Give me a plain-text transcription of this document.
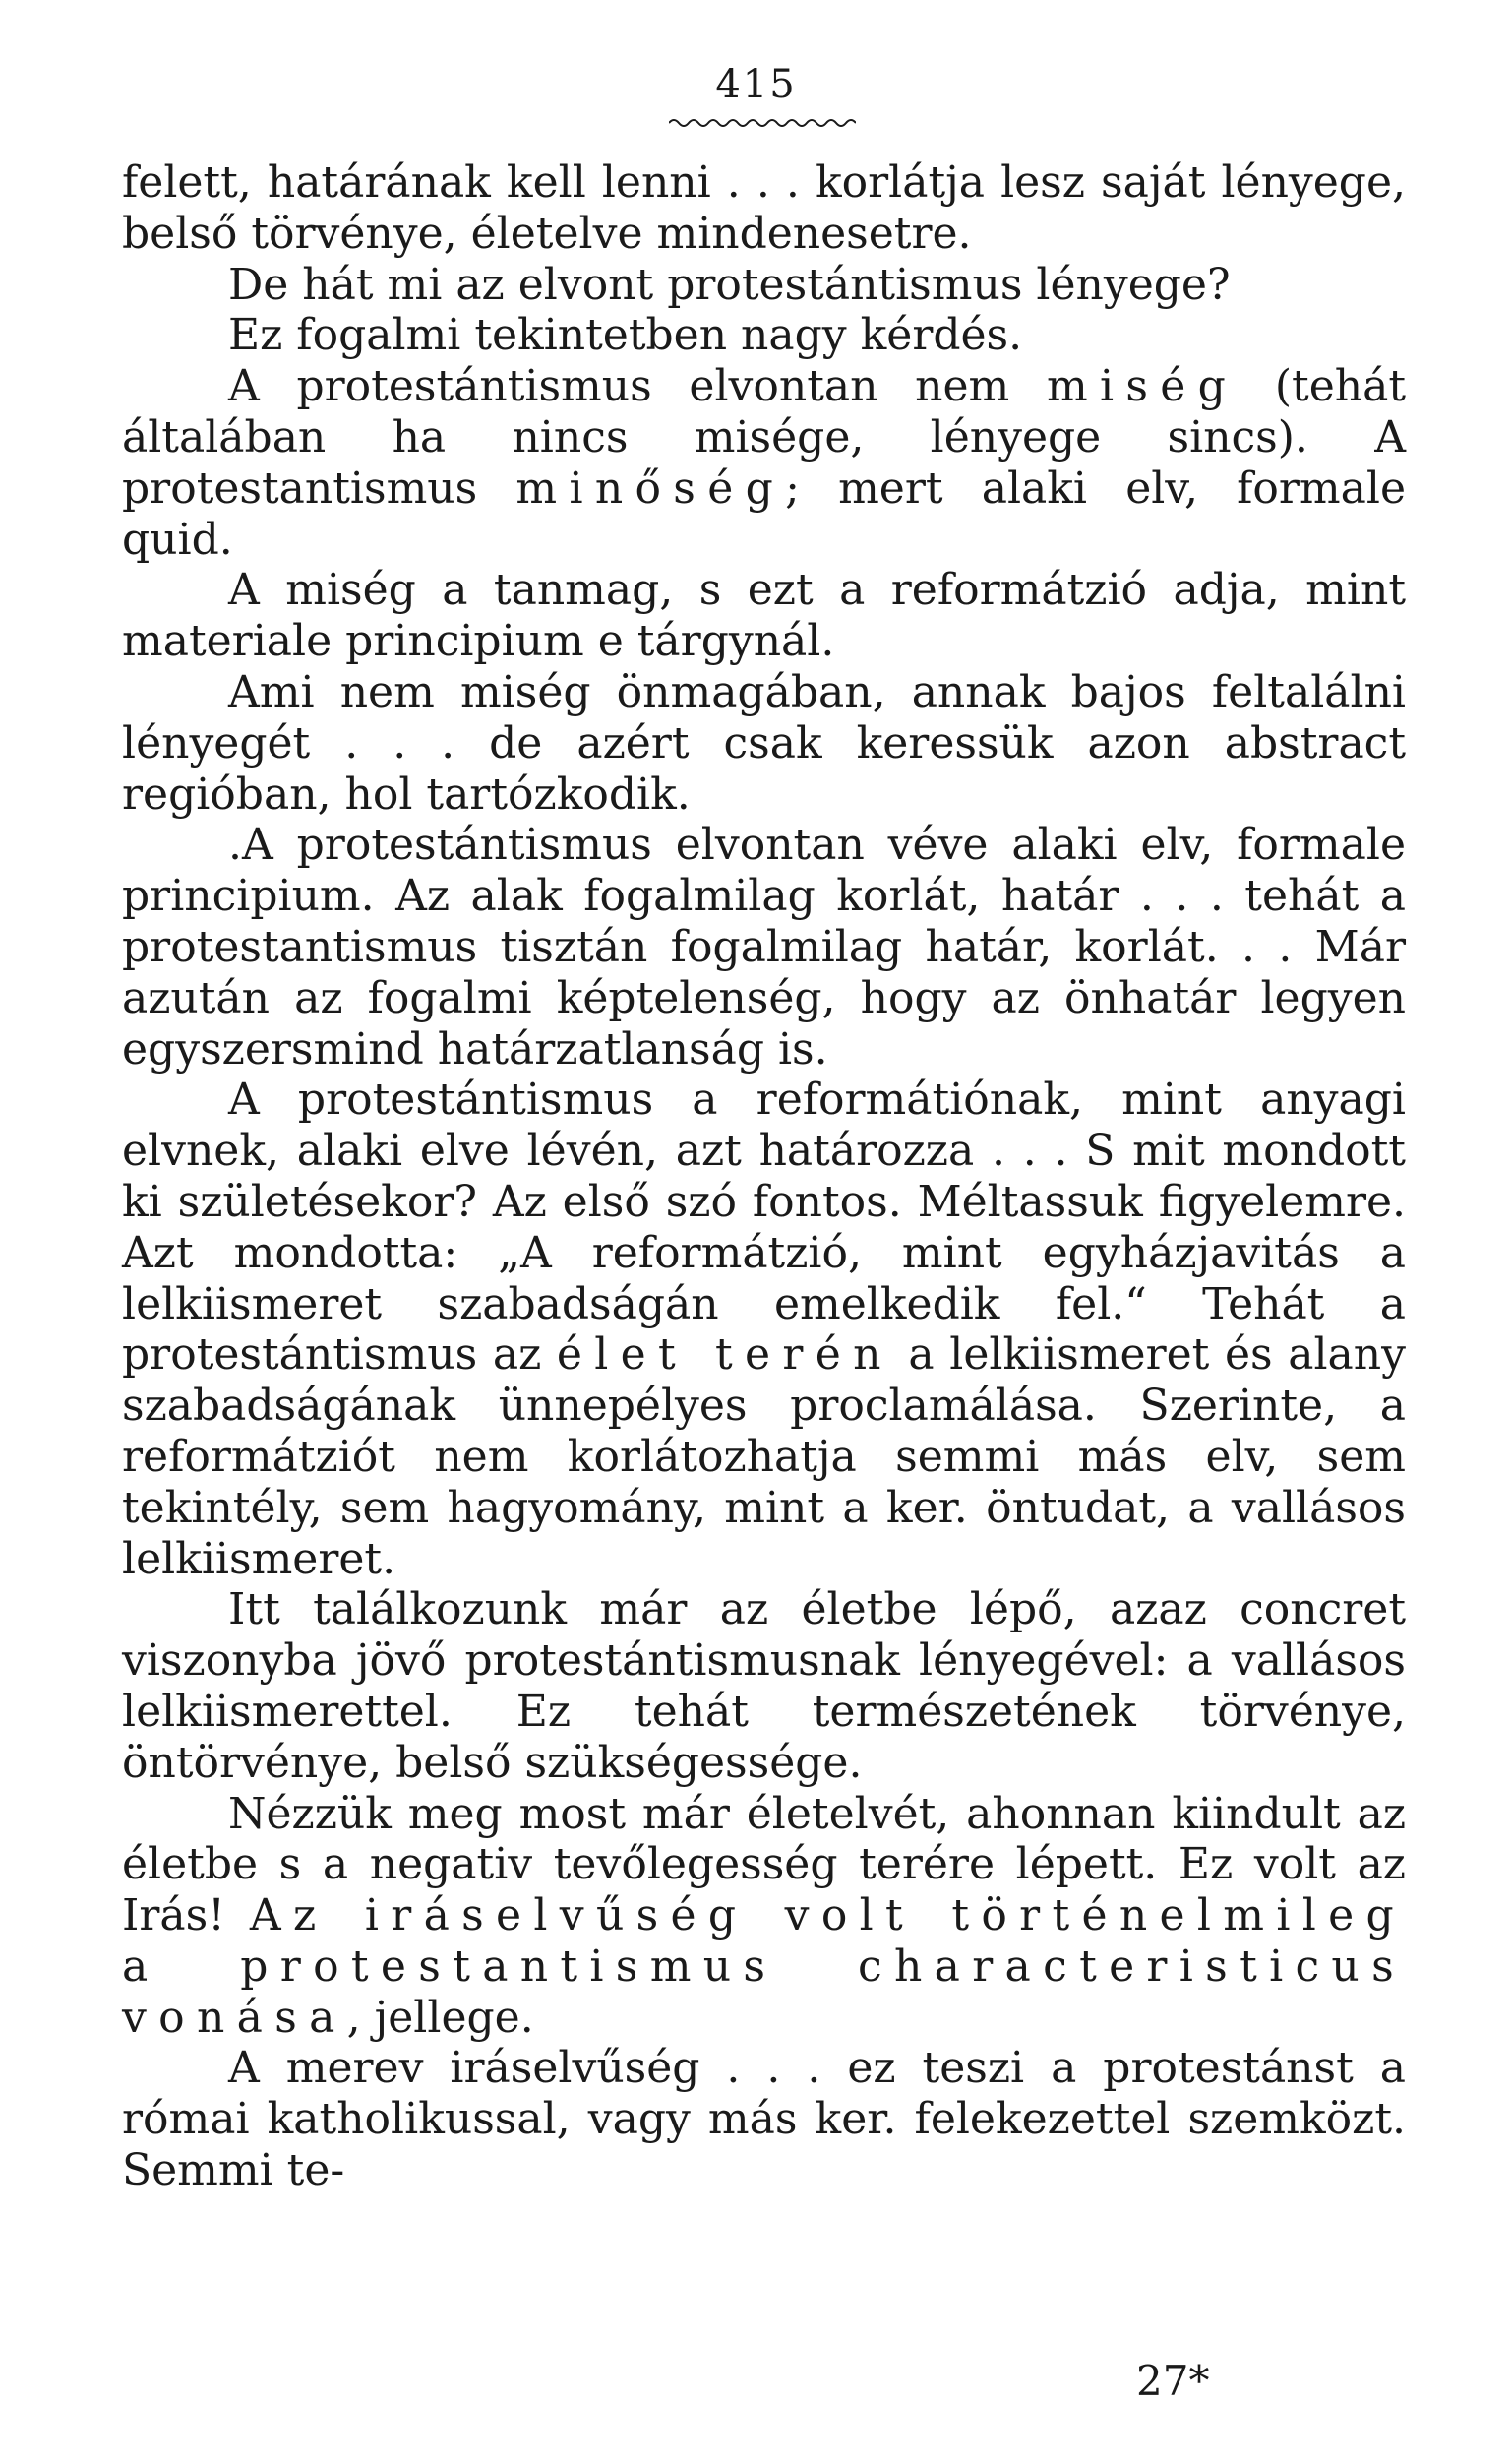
415

felett, határának kell lenni . . . korlátja lesz saját lényege, belső törvénye, életelve mindenesetre.

De hát mi az elvont protestántismus lényege?

Ez fogalmi tekintetben nagy kérdés.

A protestántismus elvontan nem miség (tehát általában ha nincs misége, lényege sincs). A protestantismus minőség; mert alaki elv, formale quid.

A miség a tanmag, s ezt a reformátzió adja, mint materiale principium e tárgynál.

Ami nem miség önmagában, annak bajos feltalálni lényegét . . . de azért csak keressük azon abstract regióban, hol tartózkodik.

.A protestántismus elvontan véve alaki elv, formale principium. Az alak fogalmilag korlát, határ . . . tehát a protestantismus tisztán fogalmilag határ, korlát. . . Már azután az fogalmi képtelenség, hogy az önhatár legyen egyszersmind határzatlanság is.

A protestántismus a reformátiónak, mint anyagi elvnek, alaki elve lévén, azt határozza . . . S mit mondott ki születésekor? Az első szó fontos. Méltassuk figyelemre. Azt mondotta: „A reformátzió, mint egyházjavitás a lelkiismeret szabadságán emelkedik fel.“ Tehát a protestántismus az élet terén a lelkiismeret és alany szabadságának ünnepélyes proclamálása. Szerinte, a reformátziót nem korlátozhatja semmi más elv, sem tekintély, sem hagyomány, mint a ker. öntudat, a vallásos lelkiismeret.

Itt találkozunk már az életbe lépő, azaz concret viszonyba jövő protestántismusnak lényegével: a vallásos lelkiismerettel. Ez tehát természetének törvénye, öntörvénye, belső szükségessége.

Nézzük meg most már életelvét, ahonnan kiindult az életbe s a negativ tevőlegesség terére lépett. Ez volt az Irás! Az iráselvűség volt történelmileg a protestantismus characteristicus vonása, jellege.

A merev iráselvűség . . . ez teszi a protestánst a római katholikussal, vagy más ker. felekezettel szemközt. Semmi te-

27*
